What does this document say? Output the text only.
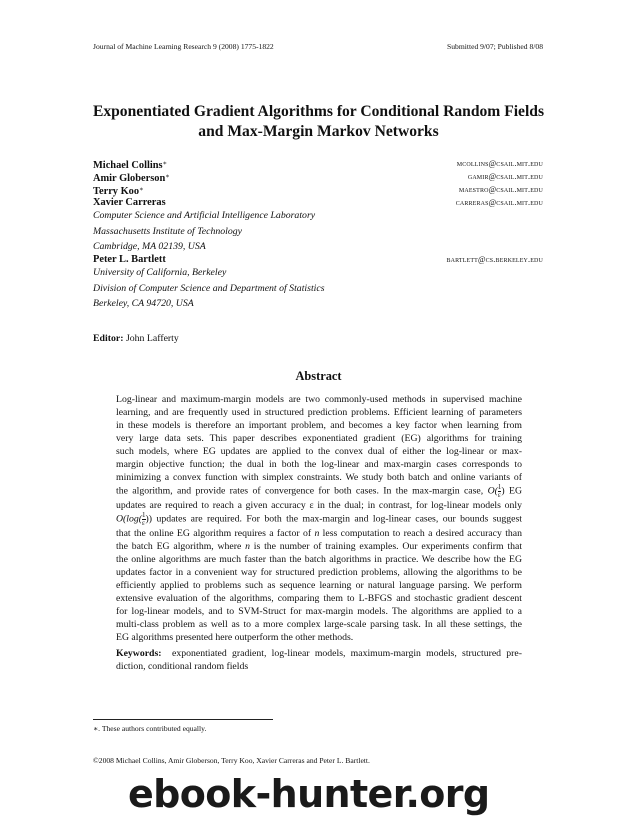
Journal of Machine Learning Research 9 (2008) 1775-1822	Submitted 9/07; Published 8/08
Exponentiated Gradient Algorithms for Conditional Random Fields
and Max-Margin Markov Networks
Michael Collins∗	mcollins@csail.mit.edu
Amir Globerson∗	gamir@csail.mit.edu
Terry Koo∗	maestro@csail.mit.edu
Xavier Carreras	carreras@csail.mit.edu
Computer Science and Artificial Intelligence Laboratory
Massachusetts Institute of Technology
Cambridge, MA 02139, USA
Peter L. Bartlett	bartlett@cs.berkeley.edu
University of California, Berkeley
Division of Computer Science and Department of Statistics
Berkeley, CA 94720, USA
Editor: John Lafferty
Abstract
Log-linear and maximum-margin models are two commonly-used methods in supervised machine
learning, and are frequently used in structured prediction problems. Efficient learning of parameters
in these models is therefore an important problem, and becomes a key factor when learning from
very large data sets. This paper describes exponentiated gradient (EG) algorithms for training
such models, where EG updates are applied to the convex dual of either the log-linear or max-
margin objective function; the dual in both the log-linear and max-margin cases corresponds to
minimizing a convex function with simplex constraints. We study both batch and online variants of
the algorithm, and provide rates of convergence for both cases. In the max-margin case, $O( \frac{1}{\varepsilon}$ ) EG
updates are required to reach a given accuracy ε in the dual; in contrast, for log-linear models only
$O(\log( \frac{1}{\varepsilon}$ )) updates are required. For both the max-margin and log-linear cases, our bounds suggest
that the online EG algorithm requires a factor of n less computation to reach a desired accuracy than
the batch EG algorithm, where n is the number of training examples. Our experiments confirm that
the online algorithms are much faster than the batch algorithms in practice. We describe how the EG
updates factor in a convenient way for structured prediction problems, allowing the algorithms to be
efficiently applied to problems such as sequence learning or natural language parsing. We perform
extensive evaluation of the algorithms, comparing them to L-BFGS and stochastic gradient descent
for log-linear models, and to SVM-Struct for max-margin models. The algorithms are applied to a
multi-class problem as well as to a more complex large-scale parsing task. In all these settings, the
EG algorithms presented here outperform the other methods.
Keywords: exponentiated gradient, log-linear models, maximum-margin models, structured pre-
diction, conditional random fields
∗. These authors contributed equally.
©2008 Michael Collins, Amir Globerson, Terry Koo, Xavier Carreras and Peter L. Bartlett.
ebook-hunter.org
